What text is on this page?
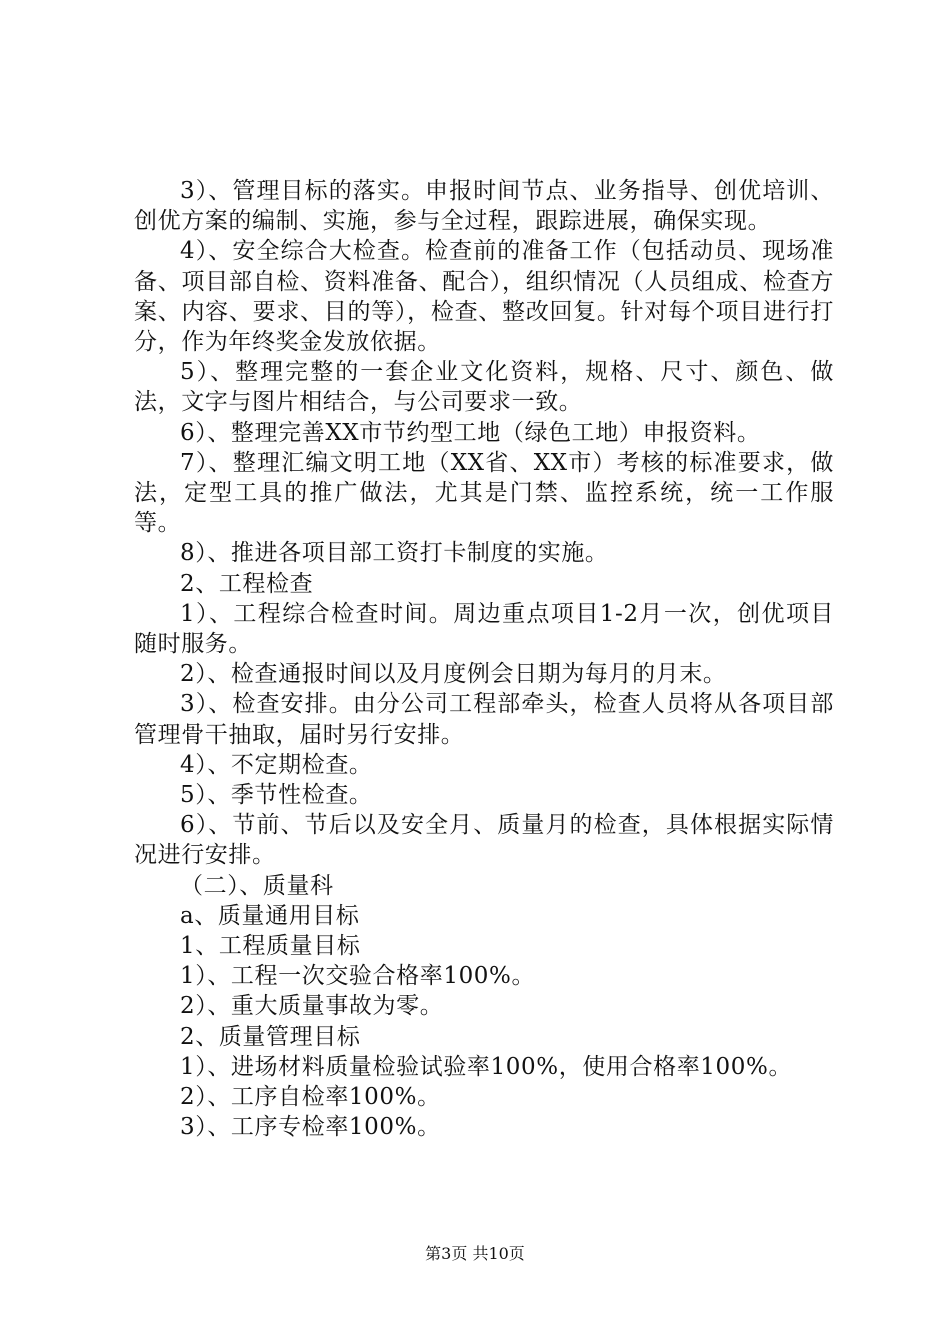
3）、管理目标的落实。申报时间节点、业务指导、创优培训、创优方案的编制、实施，参与全过程，跟踪进展，确保实现。

4）、安全综合大检查。检查前的准备工作（包括动员、现场准备、项目部自检、资料准备、配合），组织情况（人员组成、检查方案、内容、要求、目的等），检查、整改回复。针对每个项目进行打分，作为年终奖金发放依据。

5）、整理完整的一套企业文化资料，规格、尺寸、颜色、做法，文字与图片相结合，与公司要求一致。

6）、整理完善XX市节约型工地（绿色工地）申报资料。

7）、整理汇编文明工地（XX省、XX市）考核的标准要求，做法，定型工具的推广做法，尤其是门禁、监控系统，统一工作服等。

8）、推进各项目部工资打卡制度的实施。

2、工程检查

1）、工程综合检查时间。周边重点项目1-2月一次，创优项目随时服务。

2）、检查通报时间以及月度例会日期为每月的月末。

3）、检查安排。由分公司工程部牵头，检查人员将从各项目部管理骨干抽取，届时另行安排。

4）、不定期检查。

5）、季节性检查。

6）、节前、节后以及安全月、质量月的检查，具体根据实际情况进行安排。

（二）、质量科

a、质量通用目标

1、工程质量目标

1）、工程一次交验合格率100%。

2）、重大质量事故为零。

2、质量管理目标

1）、进场材料质量检验试验率100%，使用合格率100%。

2）、工序自检率100%。

3）、工序专检率100%。

第3页 共10页
